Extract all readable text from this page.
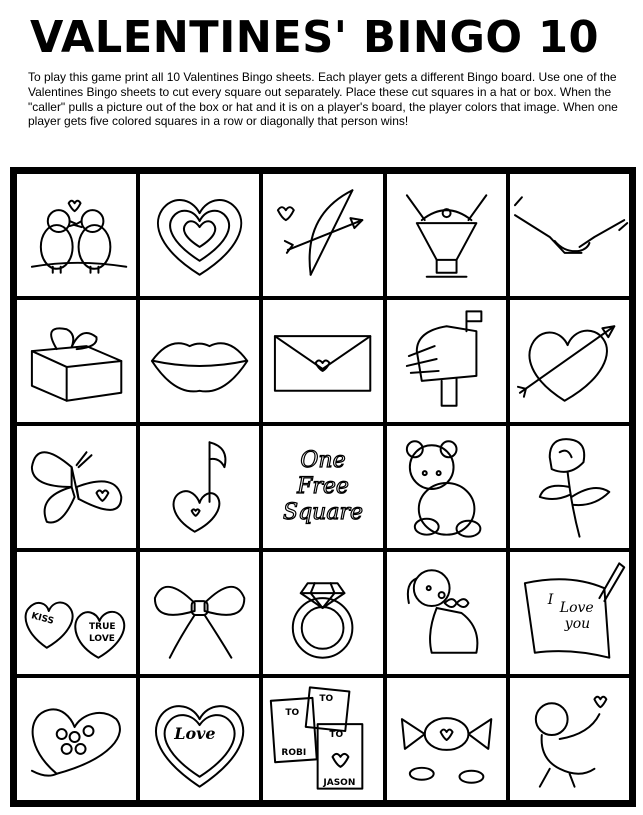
VALENTINES' BINGO 10
To play this game print all 10 Valentines Bingo sheets. Each player gets a different Bingo board. Use one of the Valentines Bingo sheets to cut every square out separately. Place these cut squares in a hat or box. When the "caller" pulls a picture out of the box or hat and it is on a player's board, the player colors that image. When one player gets five colored squares in a row or diagonally that person wins!
One
Free
Square
KISS
TRUE
LOVE
I Love
you
Love
TO
TO
TO
ROBI
JASON
